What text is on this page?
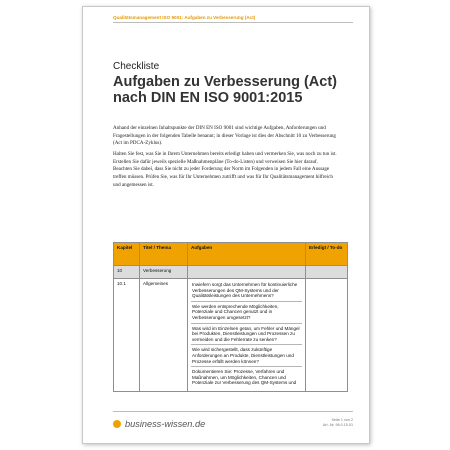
Qualitätsmanagement ISO 9001: Aufgaben zu Verbesserung (Act)
Checkliste
Aufgaben zu Verbesserung (Act)
nach DIN EN ISO 9001:2015

Anhand der einzelnen Inhaltspunkte der DIN EN ISO 9001 sind wichtige Aufgaben, Anforderungen und Fragestellungen in der folgenden Tabelle benannt; in dieser Vorlage ist dies der Abschnitt 10 zu Verbesserung (Act im PDCA-Zyklus).

Halten Sie fest, was Sie in Ihrem Unternehmen bereits erledigt haben und vermerken Sie, was noch zu tun ist. Erstellen Sie dafür jeweils spezielle Maßnahmenpläne (To-do-Listen) und verweisen Sie hier darauf. Beachten Sie dabei, dass Sie nicht zu jeder Forderung der Norm im Folgenden in jedem Fall eine Aussage treffen müssen. Prüfen Sie, was für Ihr Unternehmen zutrifft und was für Ihr Qualitätsmanagement hilfreich und angemessen ist.

Kapitel	Titel / Thema	Aufgaben	Erledigt / To-do
10	Verbesserung		
10.1	Allgemeines	Inwiefern sorgt das Unternehmen für kontinuierliche Verbesserungen des QM-Systems und der Qualitätsleistungen des Unternehmens?
Wie werden entsprechende Möglichkeiten, Potenziale und Chancen genutzt und in Verbesserungen umgesetzt?
Was wird im Einzelnen getan, um Fehler und Mängel bei Produkten, Dienstleistungen und Prozessen zu vermeiden und die Fehlerrate zu senken?
Wie wird sichergestellt, dass zukünftige Anforderungen an Produkte, Dienstleistungen und Prozesse erfüllt werden können?
Dokumentieren Sie: Prozesse, Verfahren und Maßnahmen, um Möglichkeiten, Chancen und Potenziale zur Verbesserung des QM-Systems und	

business-wissen.de	Seite 1 von 2
Art.-Nr. 96.0.15.51
